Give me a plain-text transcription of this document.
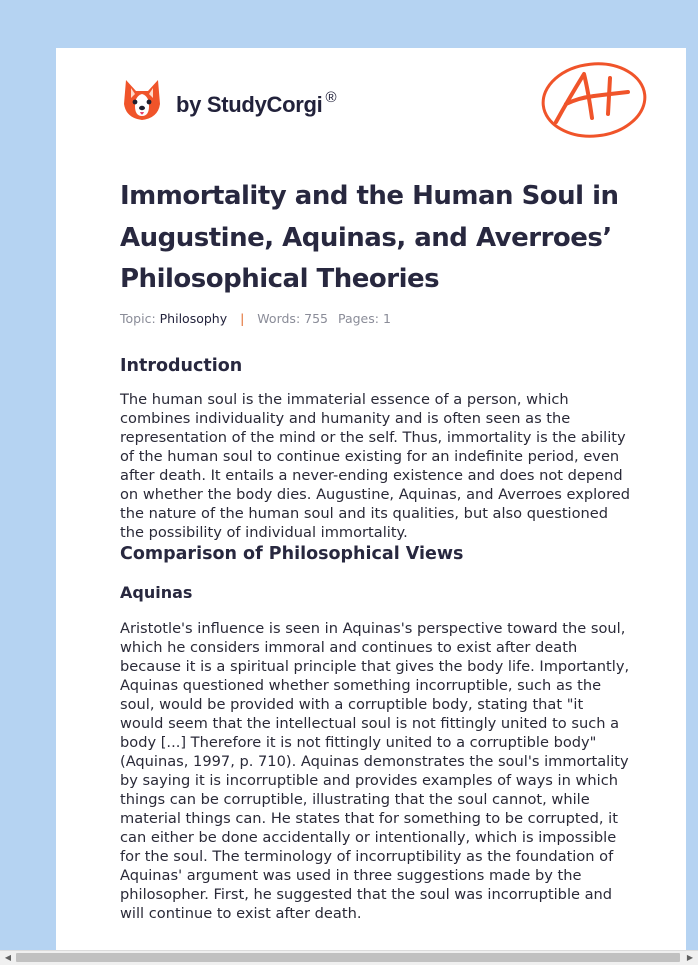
by StudyCorgi ®
Immortality and the Human Soul in Augustine, Aquinas, and Averroes’ Philosophical Theories
Topic: Philosophy | Words: 755 Pages: 1
Introduction

The human soul is the immaterial essence of a person, which combines individuality and humanity and is often seen as the representation of the mind or the self. Thus, immortality is the ability of the human soul to continue existing for an indefinite period, even after death. It entails a never-ending existence and does not depend on whether the body dies. Augustine, Aquinas, and Averroes explored the nature of the human soul and its qualities, but also questioned the possibility of individual immortality.

Comparison of Philosophical Views
Aquinas

Aristotle's influence is seen in Aquinas's perspective toward the soul, which he considers immoral and continues to exist after death because it is a spiritual principle that gives the body life. Importantly, Aquinas questioned whether something incorruptible, such as the soul, would be provided with a corruptible body, stating that "it would seem that the intellectual soul is not fittingly united to such a body [...] Therefore it is not fittingly united to a corruptible body" (Aquinas, 1997, p. 710). Aquinas demonstrates the soul's immortality by saying it is incorruptible and provides examples of ways in which things can be corruptible, illustrating that the soul cannot, while material things can. He states that for something to be corrupted, it can either be done accidentally or intentionally, which is impossible for the soul. The terminology of incorruptibility as the foundation of Aquinas' argument was used in three suggestions made by the philosopher. First, he suggested that the soul was incorruptible and will continue to exist after death.

◀	▶
